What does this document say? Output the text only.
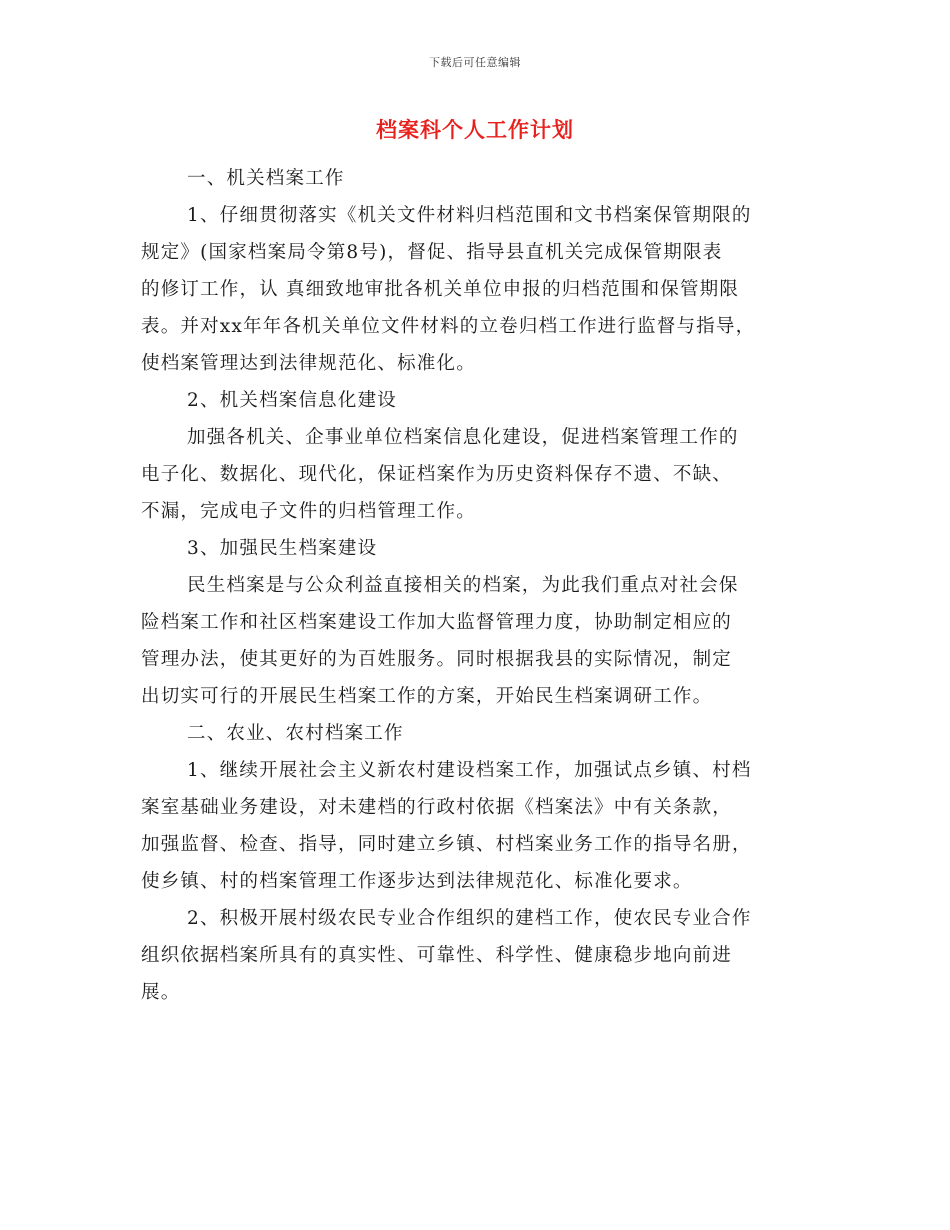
下载后可任意编辑
档案科个人工作计划
一、机关档案工作
1、仔细贯彻落实《机关文件材料归档范围和文书档案保管期限的
规定》(国家档案局令第8号)，督促、指导县直机关完成保管期限表
的修订工作，认 真细致地审批各机关单位申报的归档范围和保管期限
表。并对xx年年各机关单位文件材料的立卷归档工作进行监督与指导，
使档案管理达到法律规范化、标准化。
2、机关档案信息化建设
加强各机关、企事业单位档案信息化建设，促进档案管理工作的
电子化、数据化、现代化，保证档案作为历史资料保存不遗、不缺、
不漏，完成电子文件的归档管理工作。
3、加强民生档案建设
民生档案是与公众利益直接相关的档案，为此我们重点对社会保
险档案工作和社区档案建设工作加大监督管理力度，协助制定相应的
管理办法，使其更好的为百姓服务。同时根据我县的实际情况，制定
出切实可行的开展民生档案工作的方案，开始民生档案调研工作。
二、农业、农村档案工作
1、继续开展社会主义新农村建设档案工作，加强试点乡镇、村档
案室基础业务建设，对未建档的行政村依据《档案法》中有关条款，
加强监督、检查、指导，同时建立乡镇、村档案业务工作的指导名册，
使乡镇、村的档案管理工作逐步达到法律规范化、标准化要求。
2、积极开展村级农民专业合作组织的建档工作，使农民专业合作
组织依据档案所具有的真实性、可靠性、科学性、健康稳步地向前进
展。
